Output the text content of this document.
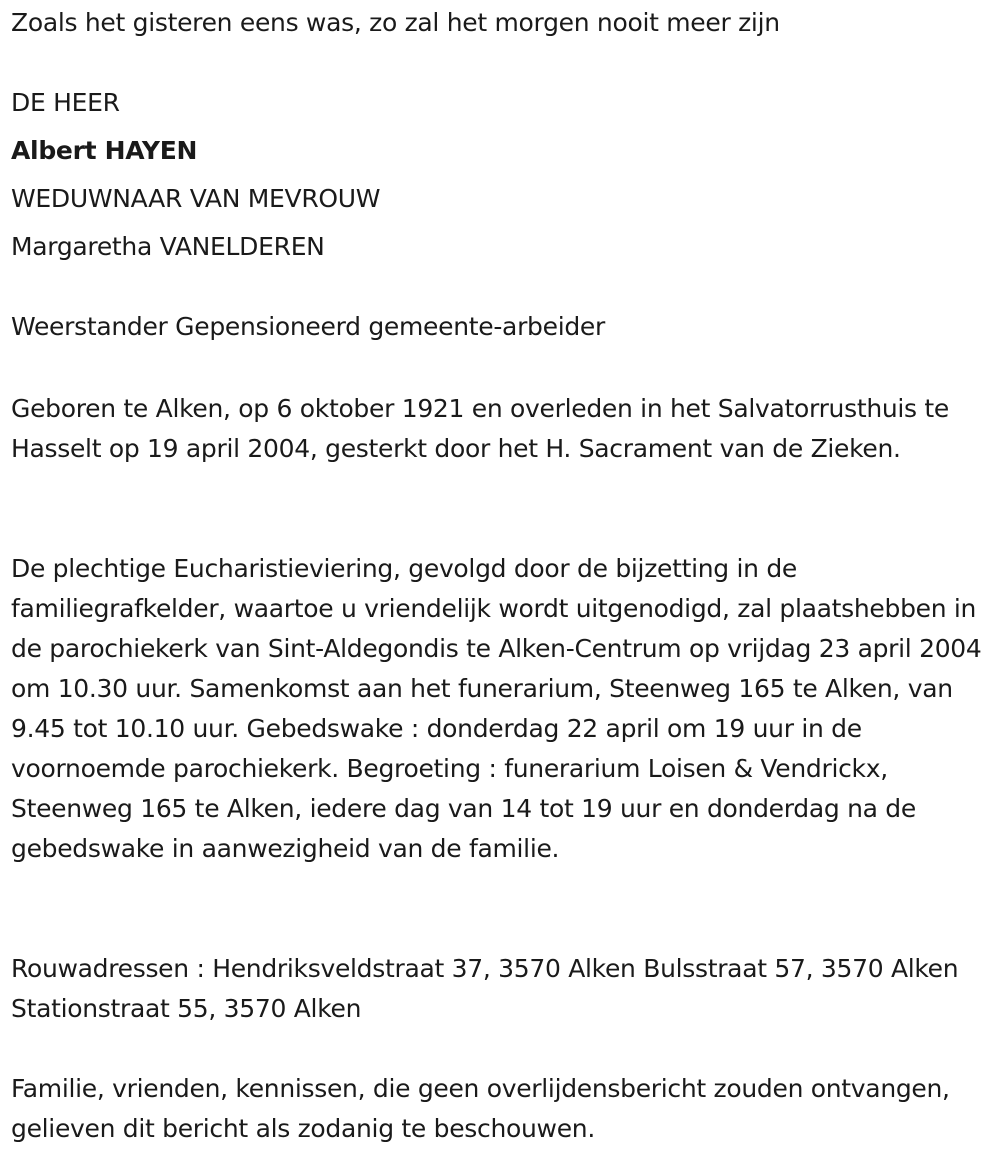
Zoals het gisteren eens was, zo zal het morgen nooit meer zijn
DE HEER
Albert HAYEN
WEDUWNAAR VAN MEVROUW
Margaretha VANELDEREN
Weerstander Gepensioneerd gemeente-arbeider

Geboren te Alken, op 6 oktober 1921 en overleden in het Salvatorrusthuis te Hasselt op 19 april 2004, gesterkt door het H. Sacrament van de Zieken.

De plechtige Eucharistieviering, gevolgd door de bijzetting in de familiegrafkelder, waartoe u vriendelijk wordt uitgenodigd, zal plaatshebben in de parochiekerk van Sint-Aldegondis te Alken-Centrum op vrijdag 23 april 2004 om 10.30 uur. Samenkomst aan het funerarium, Steenweg 165 te Alken, van 9.45 tot 10.10 uur. Gebedswake : donderdag 22 april om 19 uur in de voornoemde parochiekerk. Begroeting : funerarium Loisen & Vendrickx, Steenweg 165 te Alken, iedere dag van 14 tot 19 uur en donderdag na de gebedswake in aanwezigheid van de familie.

Rouwadressen : Hendriksveldstraat 37, 3570 Alken Bulsstraat 57, 3570 Alken Stationstraat 55, 3570 Alken

Familie, vrienden, kennissen, die geen overlijdensbericht zouden ontvangen, gelieven dit bericht als zodanig te beschouwen.
